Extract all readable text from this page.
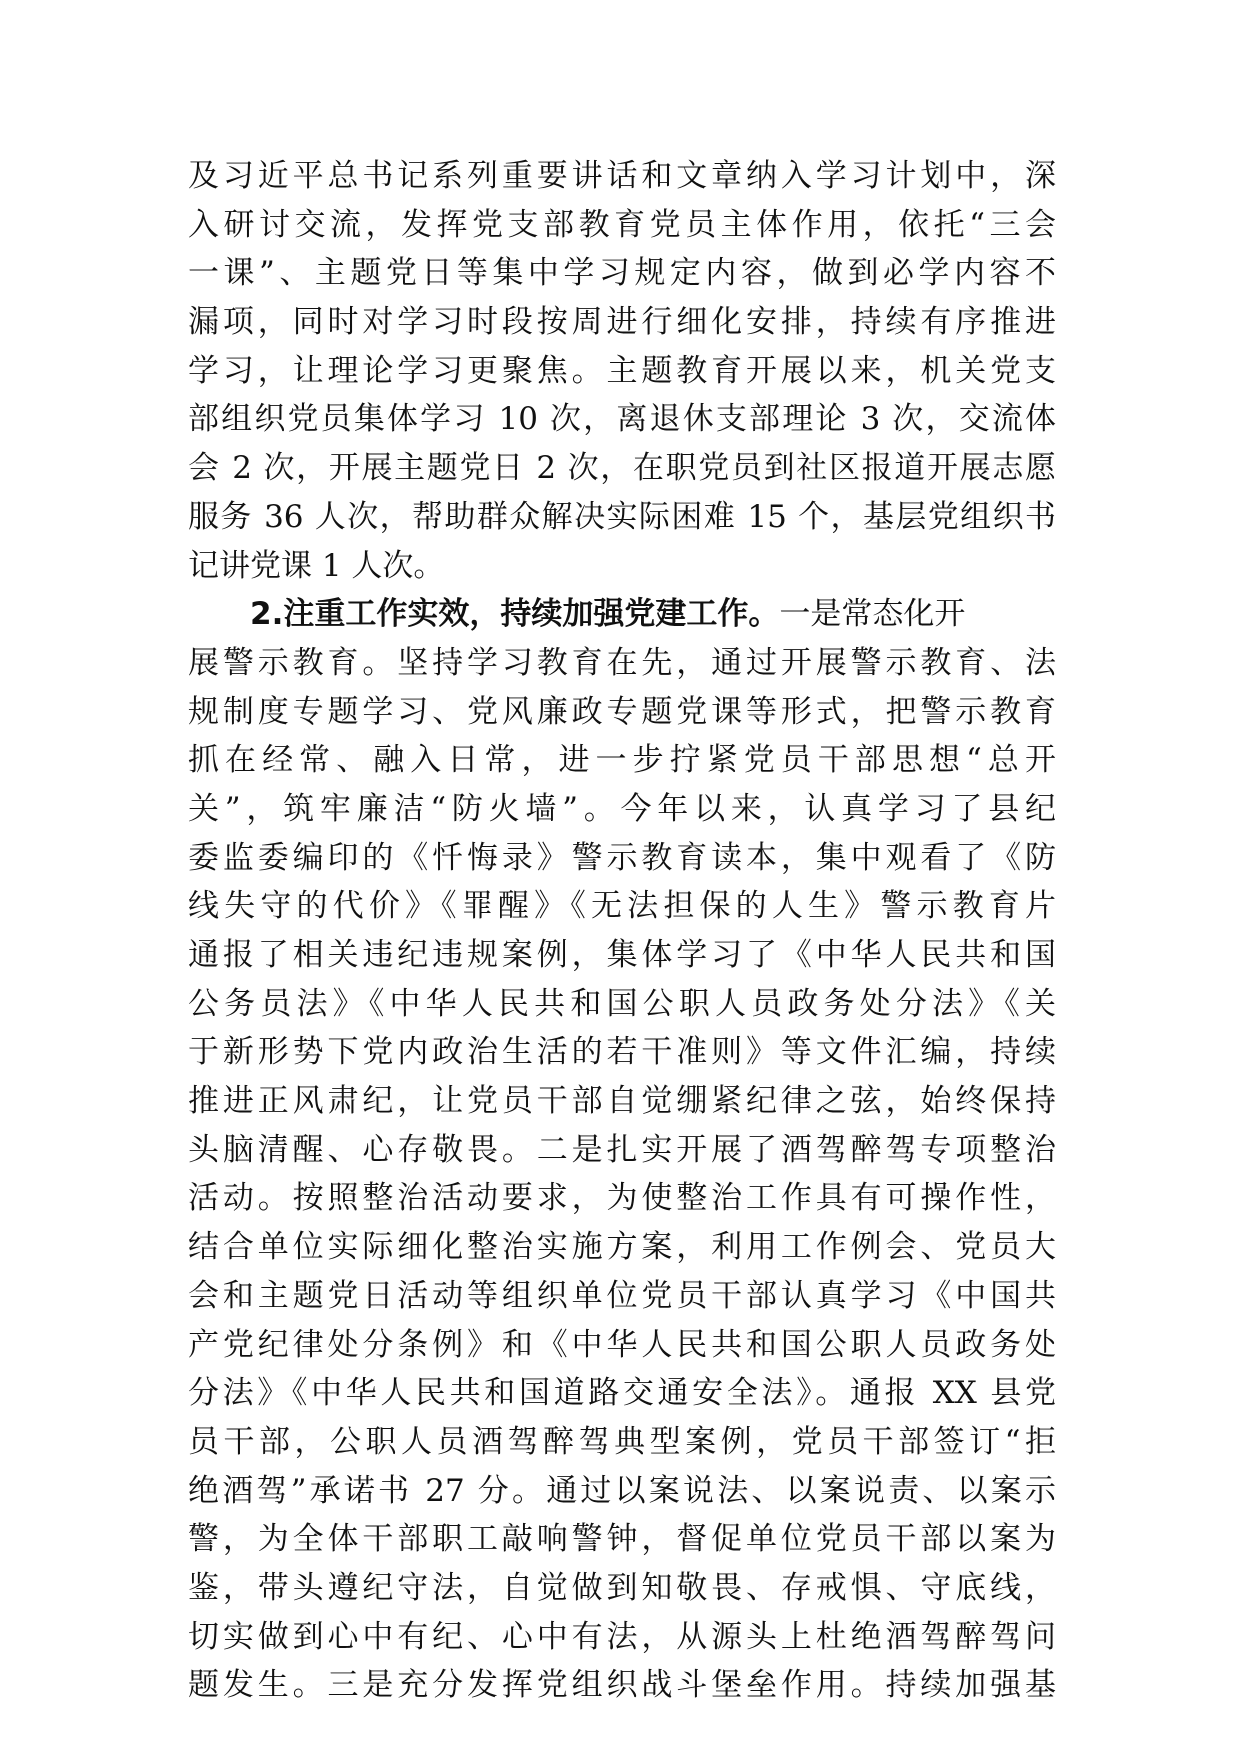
及习近平总书记系列重要讲话和文章纳入学习计划中，深
入研讨交流，发挥党支部教育党员主体作用，依托“三会
一课”、主题党日等集中学习规定内容，做到必学内容不
漏项，同时对学习时段按周进行细化安排，持续有序推进
学习，让理论学习更聚焦。主题教育开展以来，机关党支
部组织党员集体学习 10 次，离退休支部理论 3 次，交流体
会 2 次，开展主题党日 2 次，在职党员到社区报道开展志愿
服务 36 人次，帮助群众解决实际困难 15 个，基层党组织书
记讲党课 1 人次。
2.注重工作实效，持续加强党建工作。一是常态化开
展警示教育。坚持学习教育在先，通过开展警示教育、法
规制度专题学习、党风廉政专题党课等形式，把警示教育
抓在经常、融入日常，进一步拧紧党员干部思想“总开
关”，筑牢廉洁“防火墙”。今年以来，认真学习了县纪
委监委编印的《忏悔录》警示教育读本，集中观看了《防
线失守的代价》《罪醒》《无法担保的人生》警示教育片
通报了相关违纪违规案例，集体学习了《中华人民共和国
公务员法》《中华人民共和国公职人员政务处分法》《关
于新形势下党内政治生活的若干准则》等文件汇编，持续
推进正风肃纪，让党员干部自觉绷紧纪律之弦，始终保持
头脑清醒、心存敬畏。二是扎实开展了酒驾醉驾专项整治
活动。按照整治活动要求，为使整治工作具有可操作性，
结合单位实际细化整治实施方案，利用工作例会、党员大
会和主题党日活动等组织单位党员干部认真学习《中国共
产党纪律处分条例》和《中华人民共和国公职人员政务处
分法》《中华人民共和国道路交通安全法》。通报 XX 县党
员干部，公职人员酒驾醉驾典型案例，党员干部签订“拒
绝酒驾”承诺书 27 分。通过以案说法、以案说责、以案示
警，为全体干部职工敲响警钟，督促单位党员干部以案为
鉴，带头遵纪守法，自觉做到知敬畏、存戒惧、守底线，
切实做到心中有纪、心中有法，从源头上杜绝酒驾醉驾问
题发生。三是充分发挥党组织战斗堡垒作用。持续加强基
